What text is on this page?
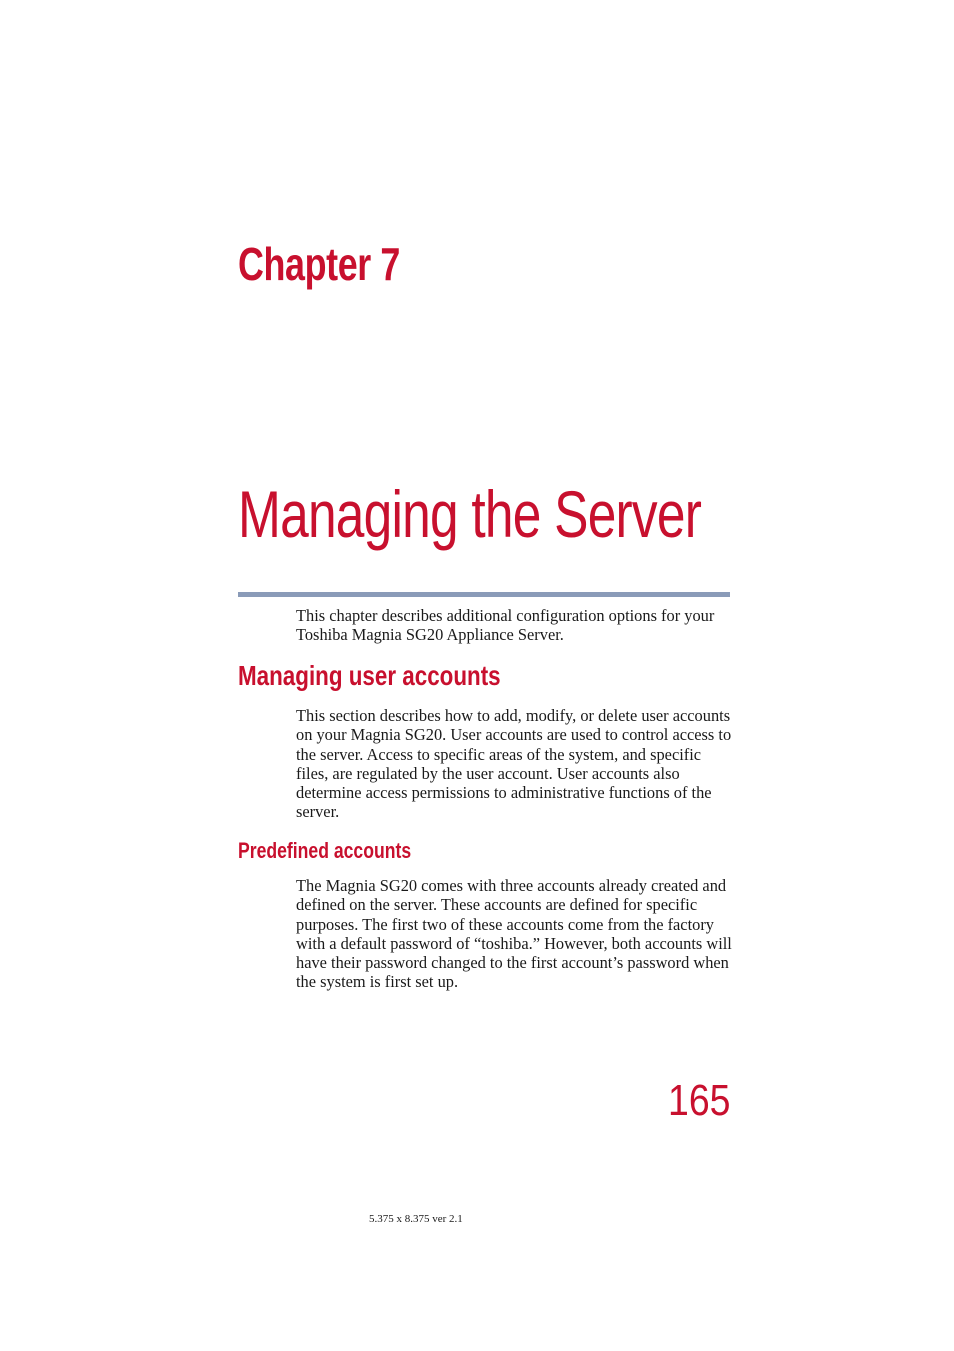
Chapter 7
Managing the Server

This chapter describes additional configuration options for your Toshiba Magnia SG20 Appliance Server.

Managing user accounts

This section describes how to add, modify, or delete user accounts on your Magnia SG20. User accounts are used to control access to the server. Access to specific areas of the system, and specific files, are regulated by the user account. User accounts also determine access permissions to administrative functions of the server.

Predefined accounts

The Magnia SG20 comes with three accounts already created and defined on the server. These accounts are defined for specific purposes. The first two of these accounts come from the factory with a default password of “toshiba.” However, both accounts will have their password changed to the first account’s password when the system is first set up.

165
5.375 x 8.375 ver 2.1
